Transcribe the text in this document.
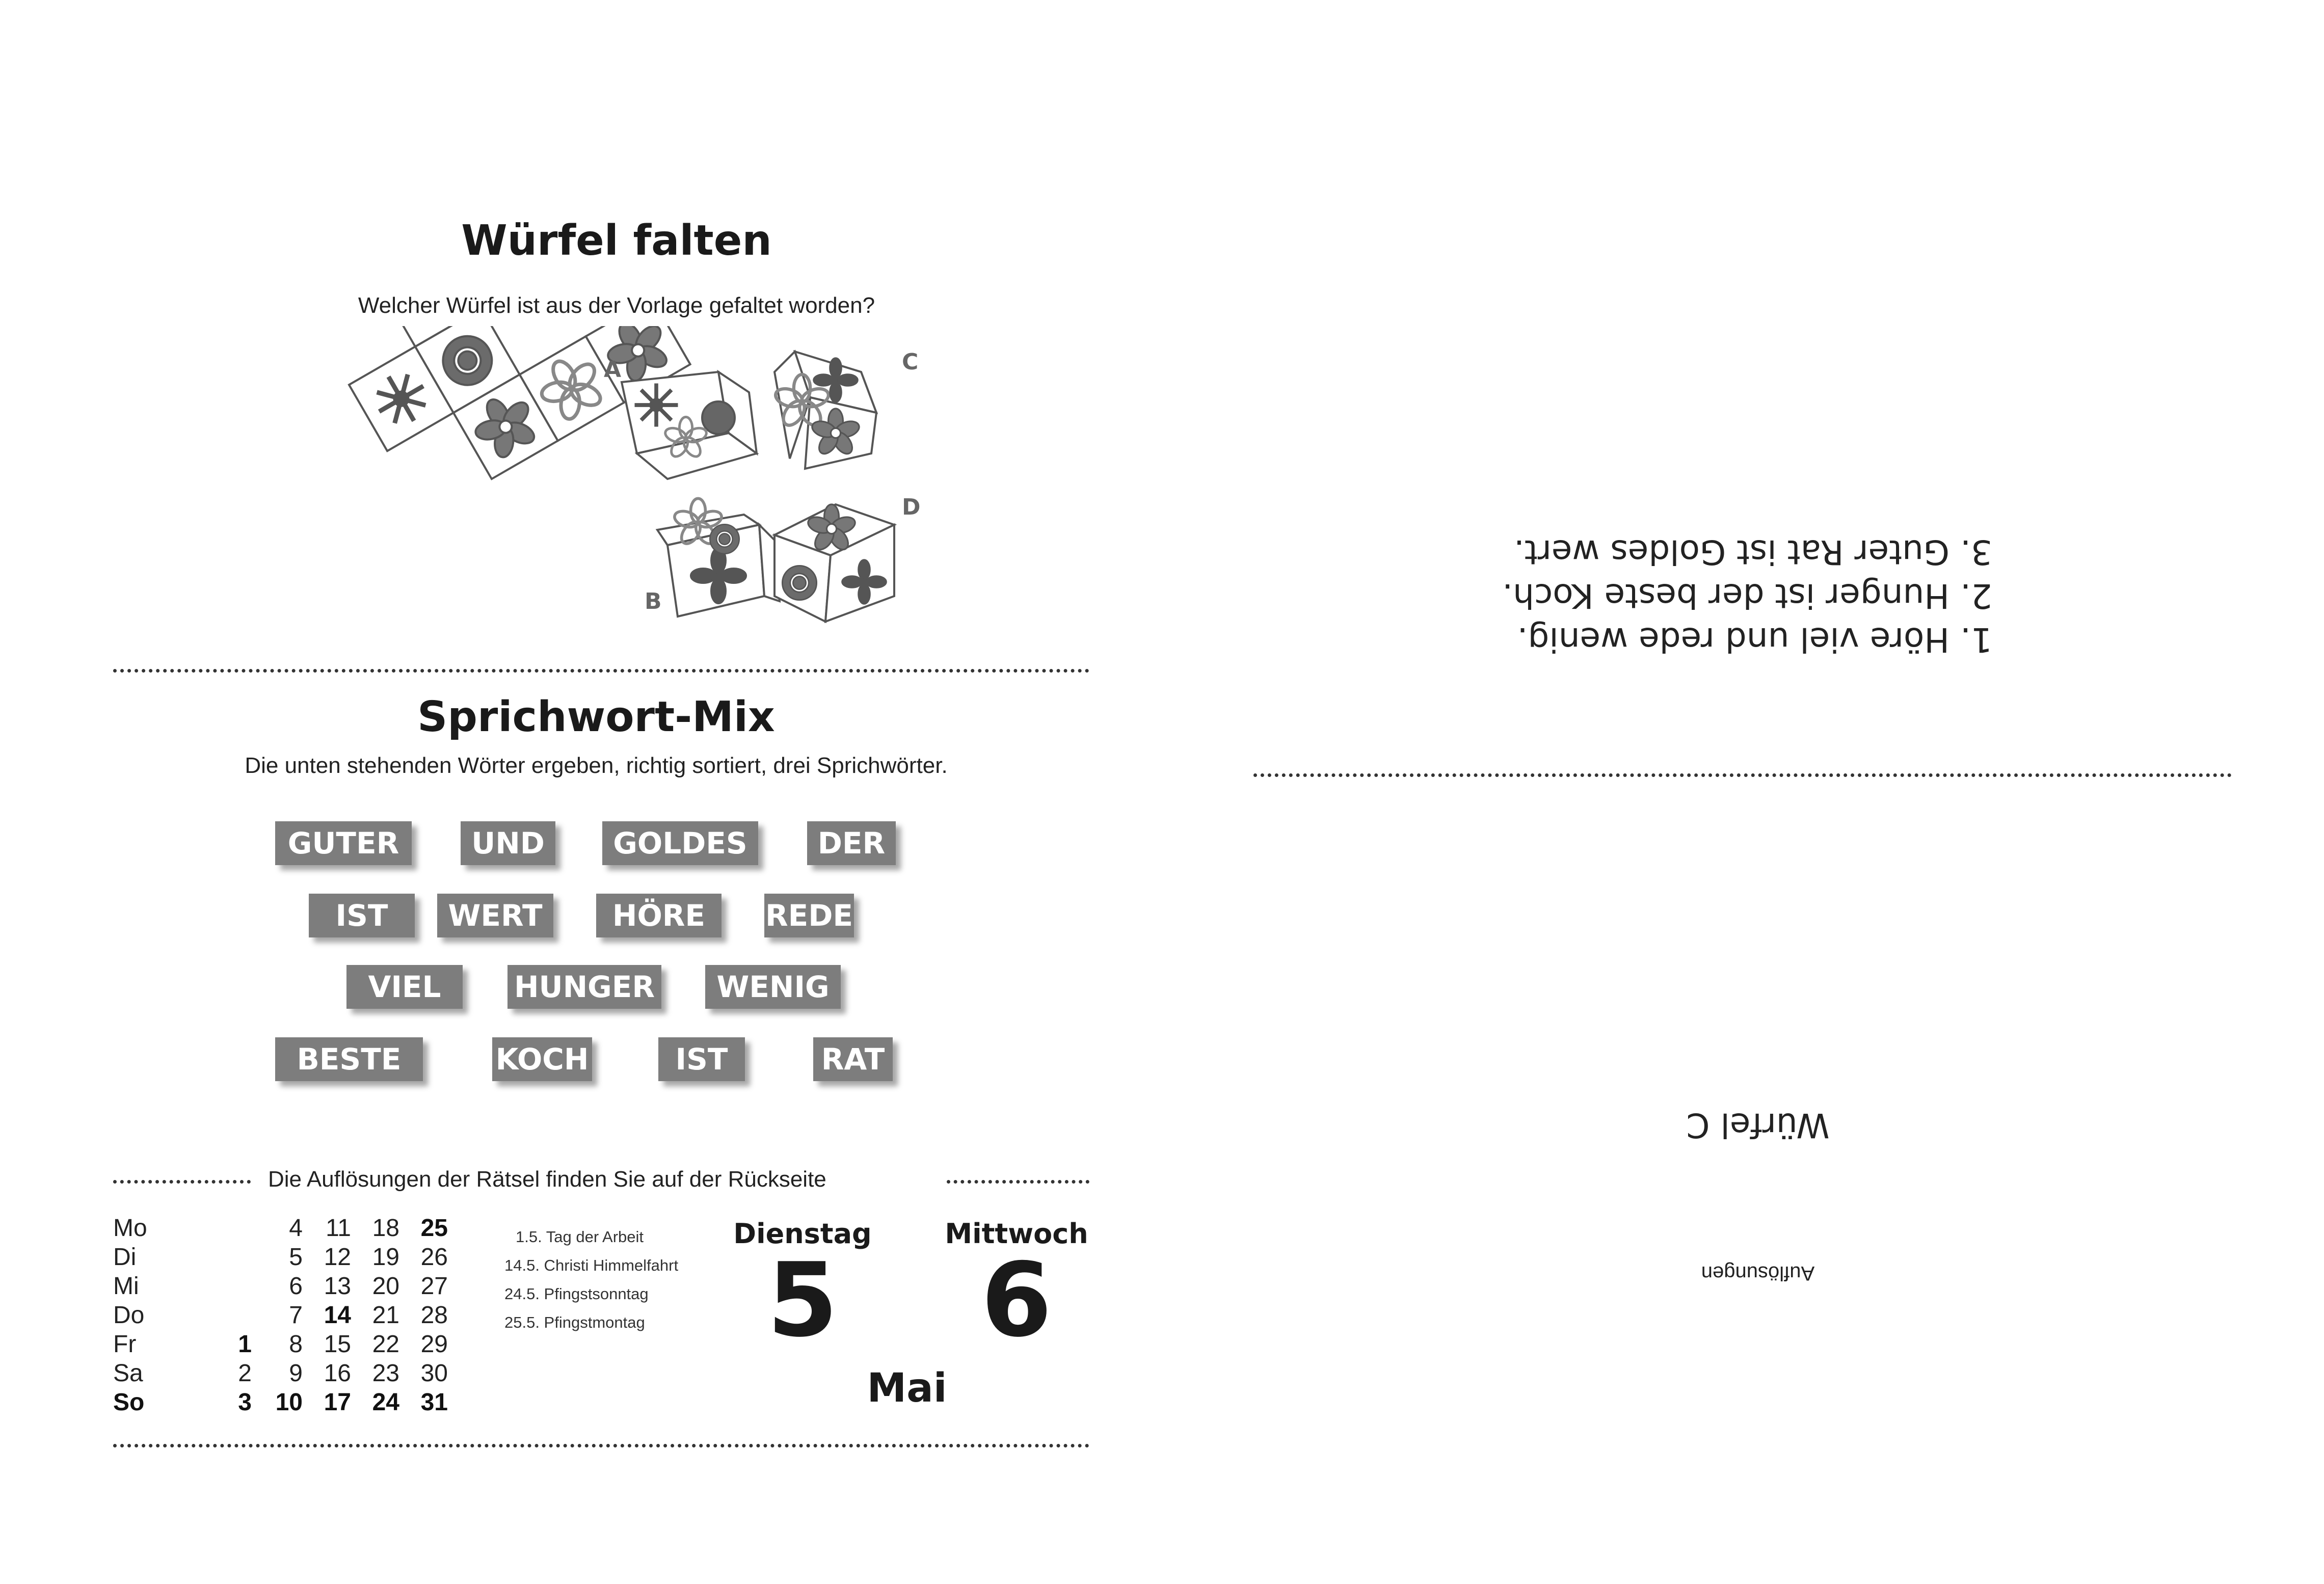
Würfel falten
Welcher Würfel ist aus der Vorlage gefaltet worden?
A
B
C
D
Sprichwort-Mix
Die unten stehenden Wörter ergeben, richtig sortiert, drei Sprichwörter.
GUTER	UND	GOLDES	DER
IST	WERT	HÖRE	REDE
VIEL	HUNGER	WENIG
BESTE	KOCH	IST	RAT
Die Auflösungen der Rätsel finden Sie auf der Rückseite
Mo		4	11	18	25
Di		5	12	19	26
Mi		6	13	20	27
Do		7	14	21	28
Fr	1	8	15	22	29
Sa	2	9	16	23	30
So	3	10	17	24	31
1.5. Tag der Arbeit
14.5. Christi Himmelfahrt
24.5. Pfingstsonntag
25.5. Pfingstmontag
Dienstag
5
Mittwoch
6
Mai
1. Höre viel und rede wenig.
2. Hunger ist der beste Koch.
3. Guter Rat ist Goldes wert.
Würfel C
Auflösungen
